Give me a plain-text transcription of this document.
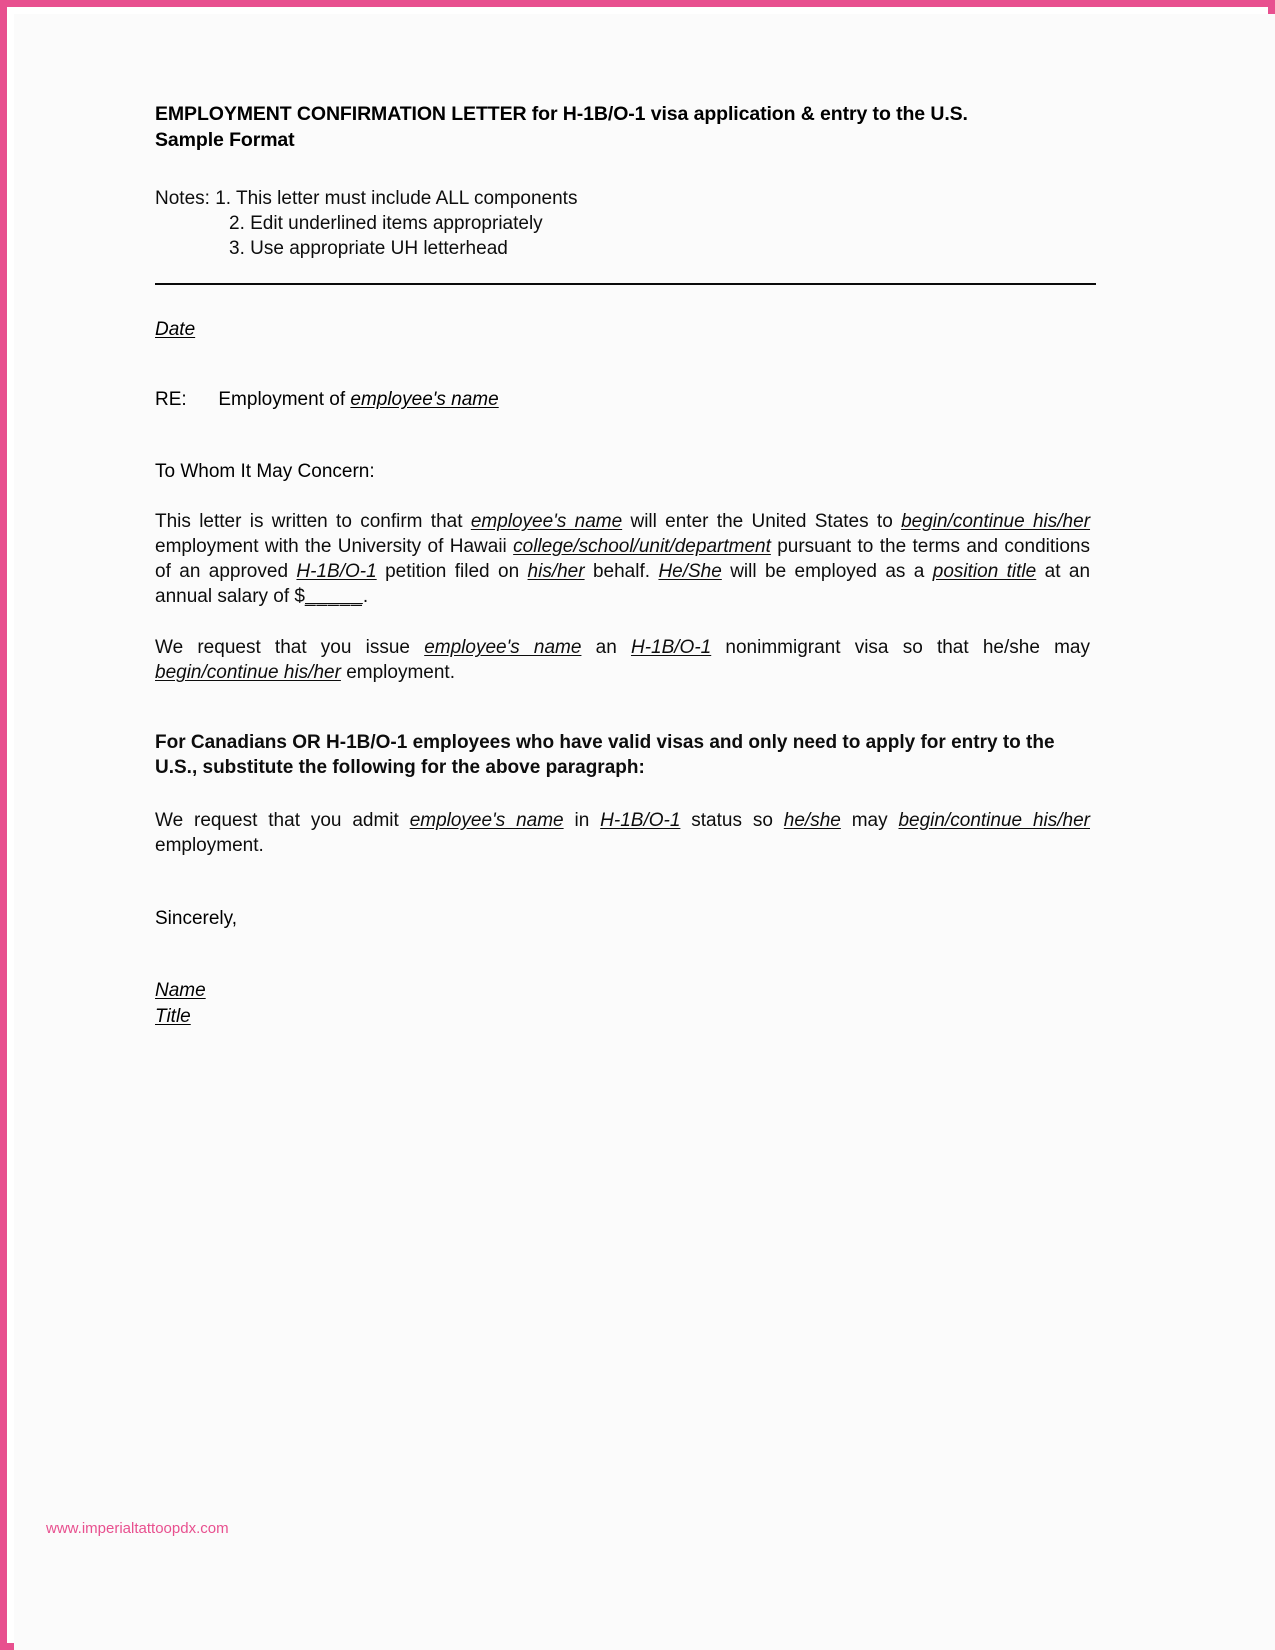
EMPLOYMENT CONFIRMATION LETTER for H-1B/O-1 visa application & entry to the U.S.
Sample Format
Notes: 1. This letter must include ALL components
2. Edit underlined items appropriately
3. Use appropriate UH letterhead
Date
RE: Employment of employee's name
To Whom It May Concern:
This letter is written to confirm that employee's name will enter the United States to begin/continue his/her employment with the University of Hawaii college/school/unit/department pursuant to the terms and conditions of an approved H-1B/O-1 petition filed on his/her behalf. He/She will be employed as a position title at an annual salary of $_____.
We request that you issue employee's name an H-1B/O-1 nonimmigrant visa so that he/she may begin/continue his/her employment.
For Canadians OR H-1B/O-1 employees who have valid visas and only need to apply for entry to the U.S., substitute the following for the above paragraph:
We request that you admit employee's name in H-1B/O-1 status so he/she may begin/continue his/her employment.
Sincerely,
Name
Title
www.imperialtattoopdx.com
